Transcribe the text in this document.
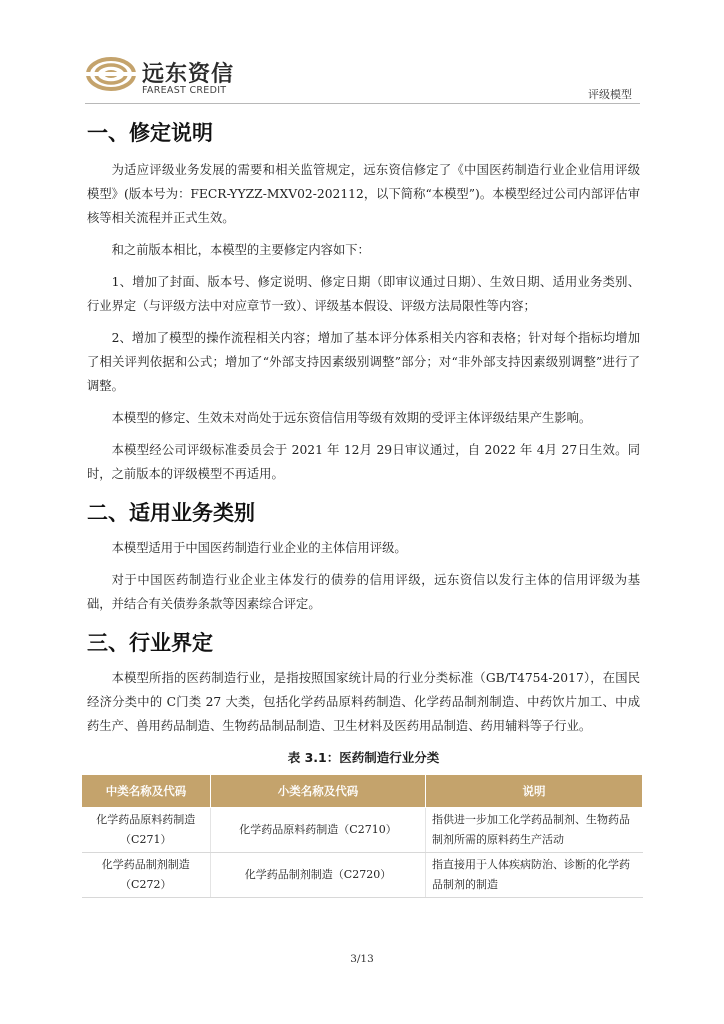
远东资信
FAREAST CREDIT	评级模型
一、修定说明

为适应评级业务发展的需要和相关监管规定，远东资信修定了《中国医药制造行业企业信用评级模型》(版本号为：FECR-YYZZ-MXV02-202112，以下简称“本模型”)。本模型经过公司内部评估审核等相关流程并正式生效。

和之前版本相比，本模型的主要修定内容如下：

1、增加了封面、版本号、修定说明、修定日期（即审议通过日期）、生效日期、适用业务类别、行业界定（与评级方法中对应章节一致）、评级基本假设、评级方法局限性等内容；

2、增加了模型的操作流程相关内容；增加了基本评分体系相关内容和表格；针对每个指标均增加了相关评判依据和公式；增加了“外部支持因素级别调整”部分；对“非外部支持因素级别调整”进行了调整。

本模型的修定、生效未对尚处于远东资信信用等级有效期的受评主体评级结果产生影响。

本模型经公司评级标准委员会于 2021 年 12月 29日审议通过，自 2022 年 4月 27日生效。同时，之前版本的评级模型不再适用。

二、适用业务类别

本模型适用于中国医药制造行业企业的主体信用评级。

对于中国医药制造行业企业主体发行的债券的信用评级，远东资信以发行主体的信用评级为基础，并结合有关债券条款等因素综合评定。

三、行业界定

本模型所指的医药制造行业，是指按照国家统计局的行业分类标准（GB/T4754-2017），在国民经济分类中的 C门类 27 大类，包括化学药品原料药制造、化学药品制剂制造、中药饮片加工、中成药生产、兽用药品制造、生物药品制品制造、卫生材料及医药用品制造、药用辅料等子行业。

表 3.1：医药制造行业分类
中类名称及代码	小类名称及代码	说明

化学药品原料药制造
（C271）	化学药品原料药制造（C2710）	指供进一步加工化学药品制剂、生物药品制剂所需的原料药生产活动

化学药品制剂制造
（C272）	化学药品制剂制造（C2720）	指直接用于人体疾病防治、诊断的化学药品制剂的制造
3/13
